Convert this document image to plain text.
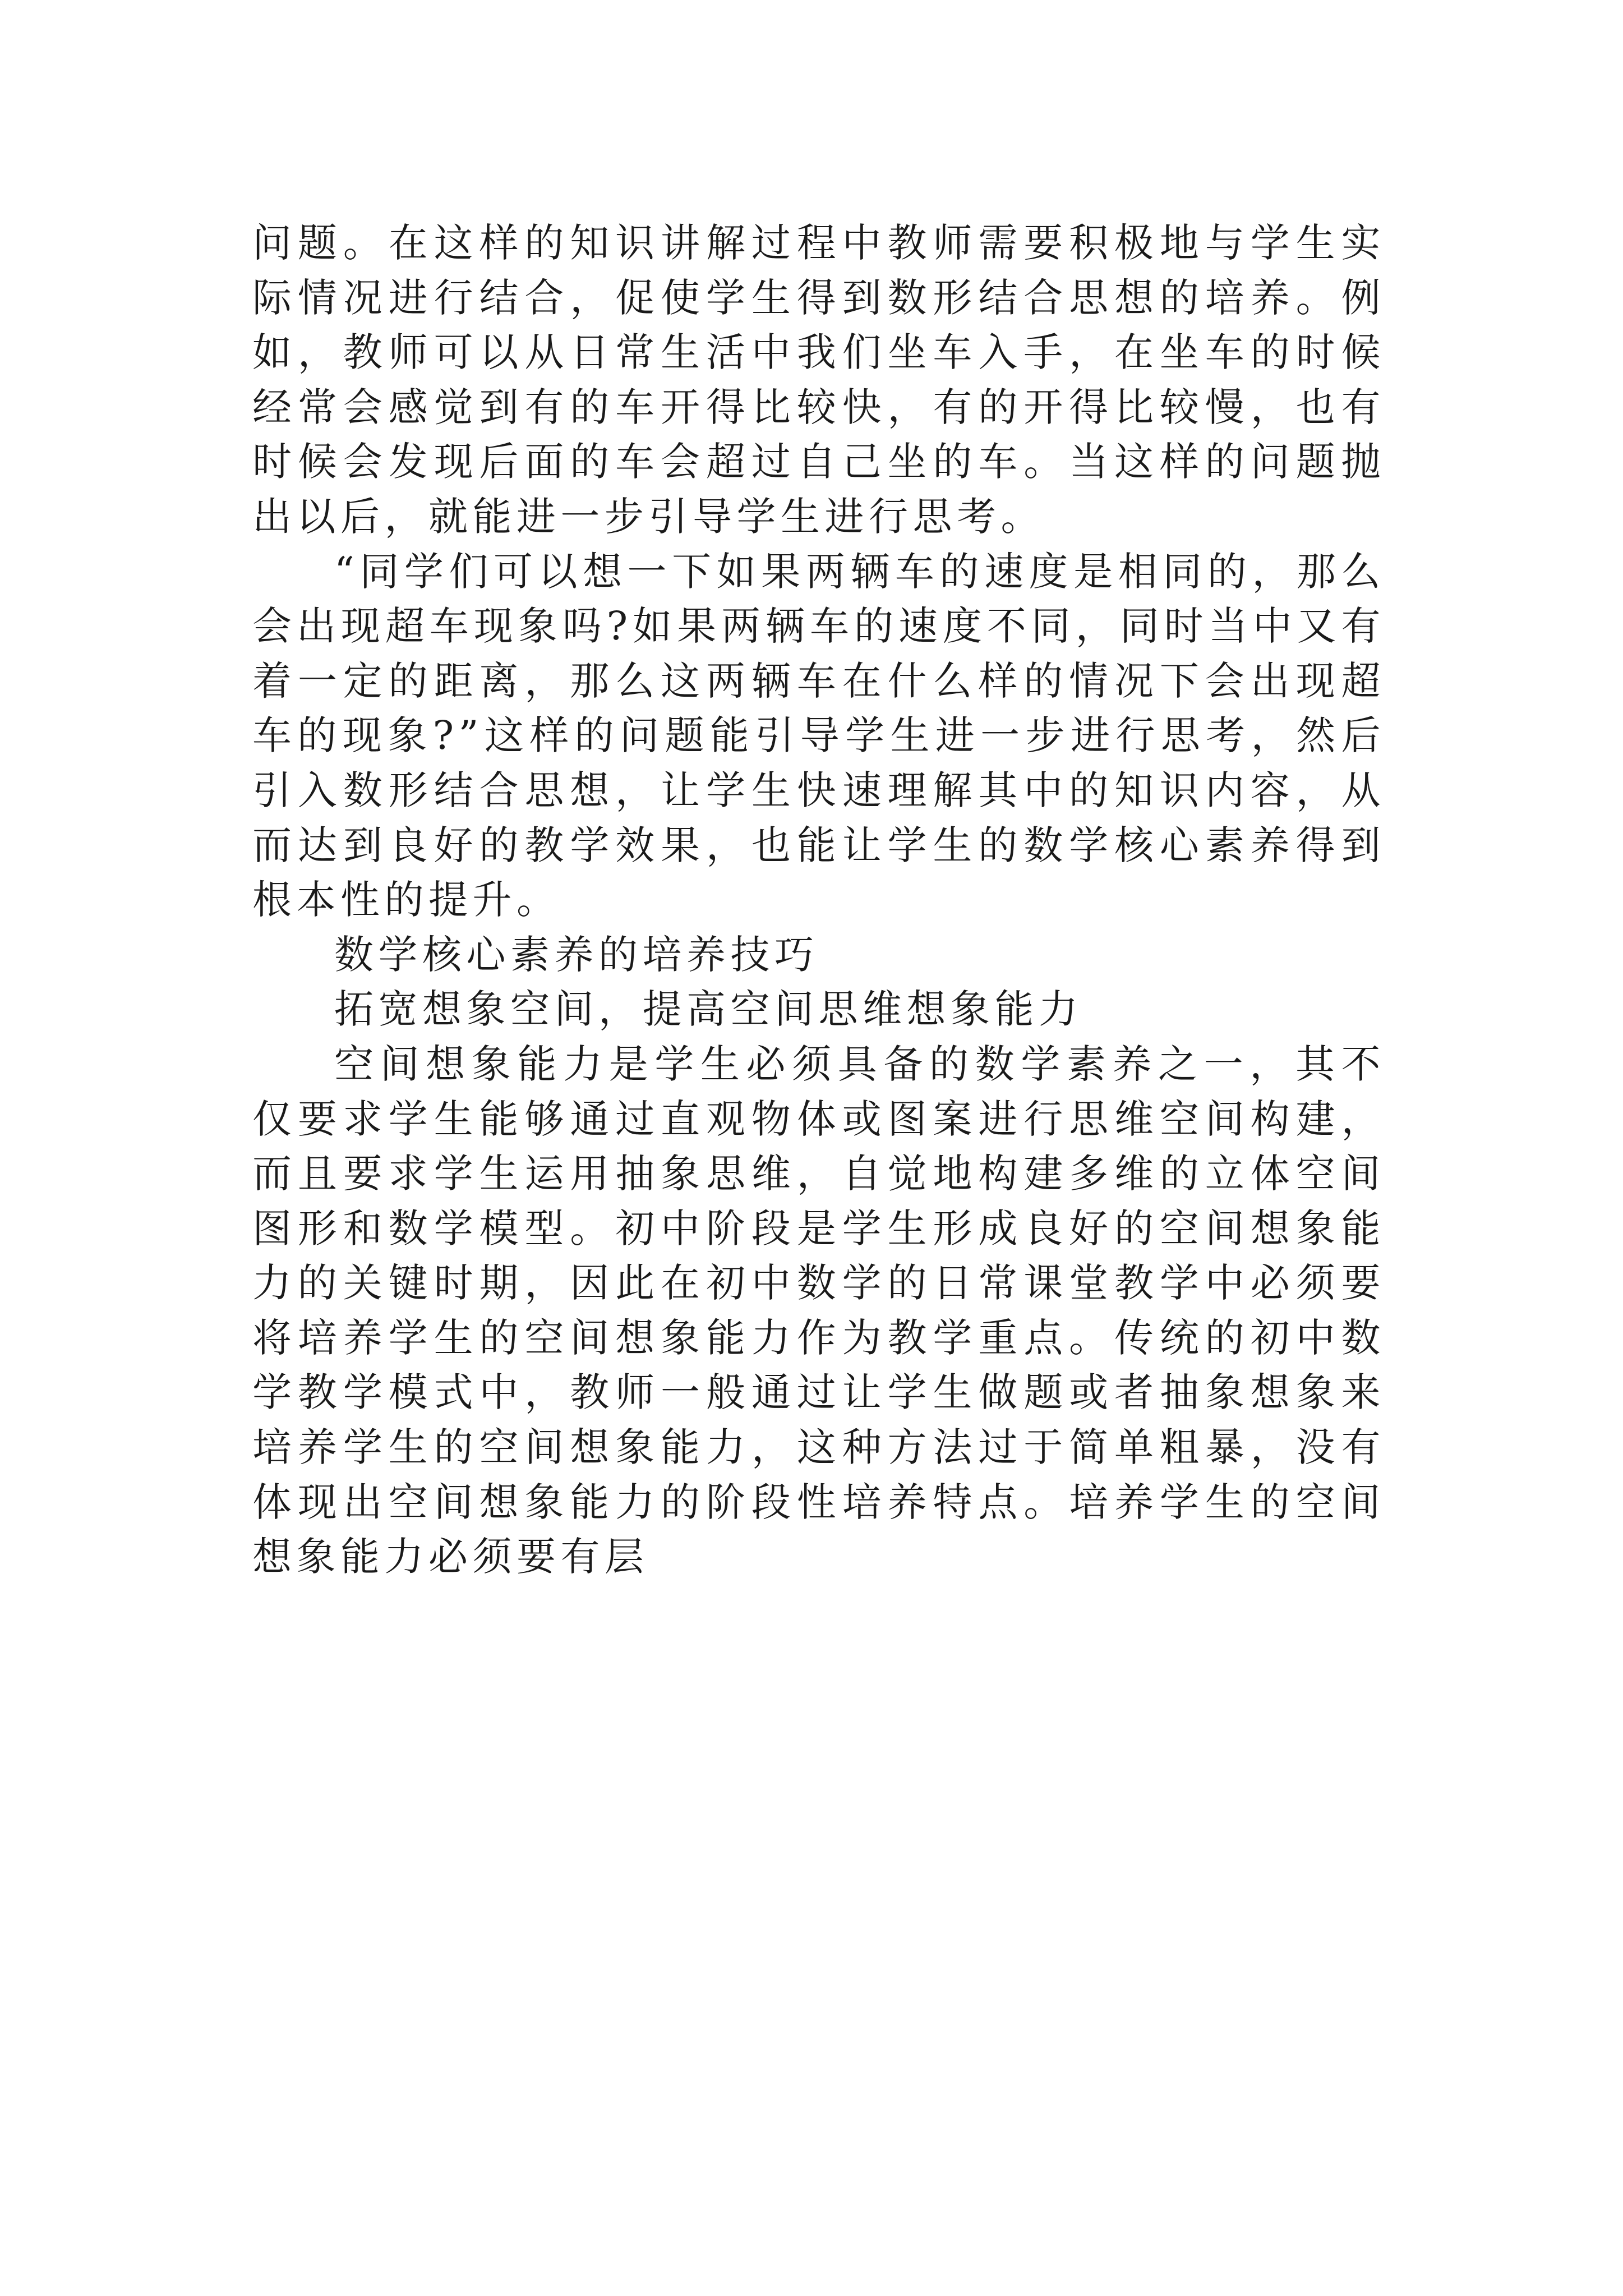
问题。在这样的知识讲解过程中教师需要积极地与学生实际情况进行结合，促使学生得到数形结合思想的培养。例如，教师可以从日常生活中我们坐车入手，在坐车的时候经常会感觉到有的车开得比较快，有的开得比较慢，也有时候会发现后面的车会超过自己坐的车。当这样的问题抛出以后，就能进一步引导学生进行思考。

“同学们可以想一下如果两辆车的速度是相同的，那么会出现超车现象吗?如果两辆车的速度不同，同时当中又有着一定的距离，那么这两辆车在什么样的情况下会出现超车的现象?”这样的问题能引导学生进一步进行思考，然后引入数形结合思想，让学生快速理解其中的知识内容，从而达到良好的教学效果，也能让学生的数学核心素养得到根本性的提升。

数学核心素养的培养技巧

拓宽想象空间，提高空间思维想象能力

空间想象能力是学生必须具备的数学素养之一，其不仅要求学生能够通过直观物体或图案进行思维空间构建，而且要求学生运用抽象思维，自觉地构建多维的立体空间图形和数学模型。初中阶段是学生形成良好的空间想象能力的关键时期，因此在初中数学的日常课堂教学中必须要将培养学生的空间想象能力作为教学重点。传统的初中数学教学模式中，教师一般通过让学生做题或者抽象想象来培养学生的空间想象能力，这种方法过于简单粗暴，没有体现出空间想象能力的阶段性培养特点。培养学生的空间想象能力必须要有层
